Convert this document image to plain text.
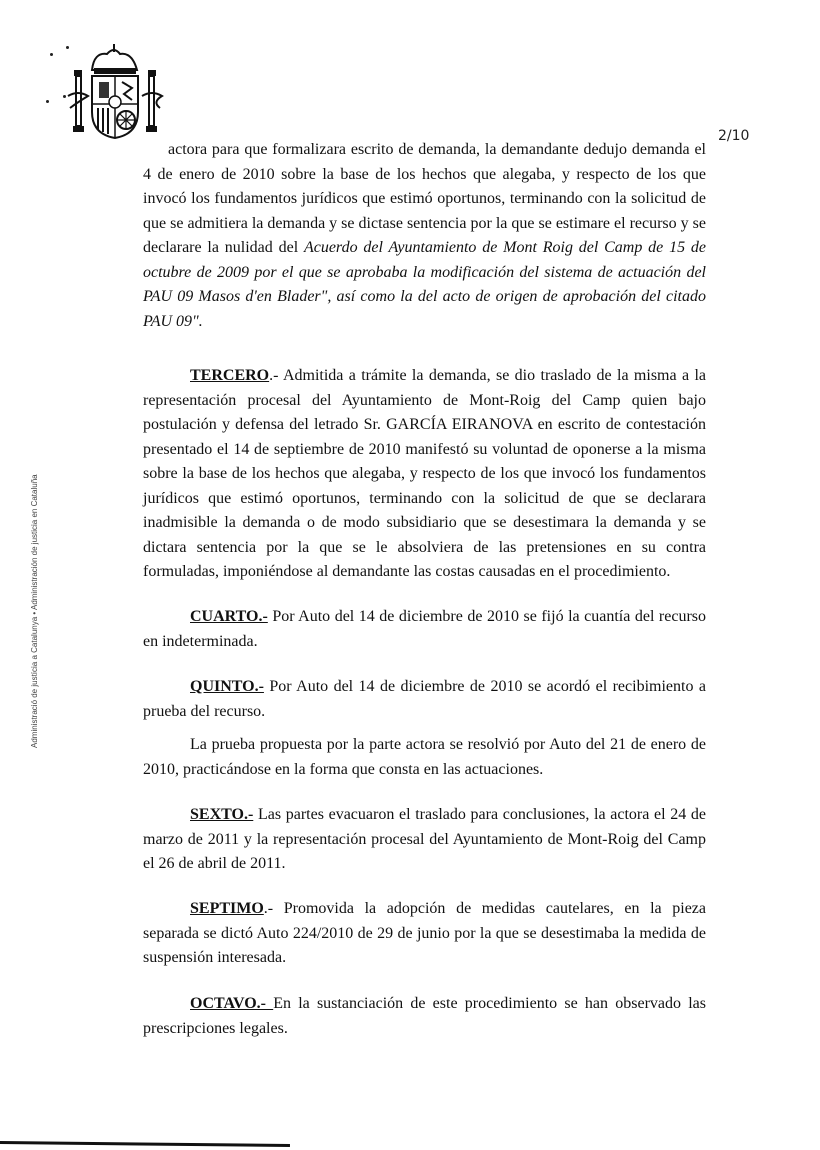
2/10
Administració de justícia a Catalunya • Administración de justicia en Cataluña

actora para que formalizara escrito de demanda, la demandante dedujo demanda el 4 de enero de 2010 sobre la base de los hechos que alegaba, y respecto de los que invocó los fundamentos jurídicos que estimó oportunos, terminando con la solicitud de que se admitiera la demanda y se dictase sentencia por la que se estimare el recurso y se declarare la nulidad del Acuerdo del Ayuntamiento de Mont Roig del Camp de 15 de octubre de 2009 por el que se aprobaba la modificación del sistema de actuación del PAU 09 Masos d'en Blader", así como la del acto de origen de aprobación del citado PAU 09".

TERCERO.- Admitida a trámite la demanda, se dio traslado de la misma a la representación procesal del Ayuntamiento de Mont-Roig del Camp quien bajo postulación y defensa del letrado Sr. GARCÍA EIRANOVA en escrito de contestación presentado el 14 de septiembre de 2010 manifestó su voluntad de oponerse a la misma sobre la base de los hechos que alegaba, y respecto de los que invocó los fundamentos jurídicos que estimó oportunos, terminando con la solicitud de que se declarara inadmisible la demanda o de modo subsidiario que se desestimara la demanda y se dictara sentencia por la que se le absolviera de las pretensiones en su contra formuladas, imponiéndose al demandante las costas causadas en el procedimiento.

CUARTO.- Por Auto del 14 de diciembre de 2010 se fijó la cuantía del recurso en indeterminada.

QUINTO.- Por Auto del 14 de diciembre de 2010 se acordó el recibimiento a prueba del recurso.

La prueba propuesta por la parte actora se resolvió por Auto del 21 de enero de 2010, practicándose en la forma que consta en las actuaciones.

SEXTO.- Las partes evacuaron el traslado para conclusiones, la actora el 24 de marzo de 2011 y la representación procesal del Ayuntamiento de Mont-Roig del Camp el 26 de abril de 2011.

SEPTIMO.- Promovida la adopción de medidas cautelares, en la pieza separada se dictó Auto 224/2010 de 29 de junio por la que se desestimaba la medida de suspensión interesada.

OCTAVO.- En la sustanciación de este procedimiento se han observado las prescripciones legales.
